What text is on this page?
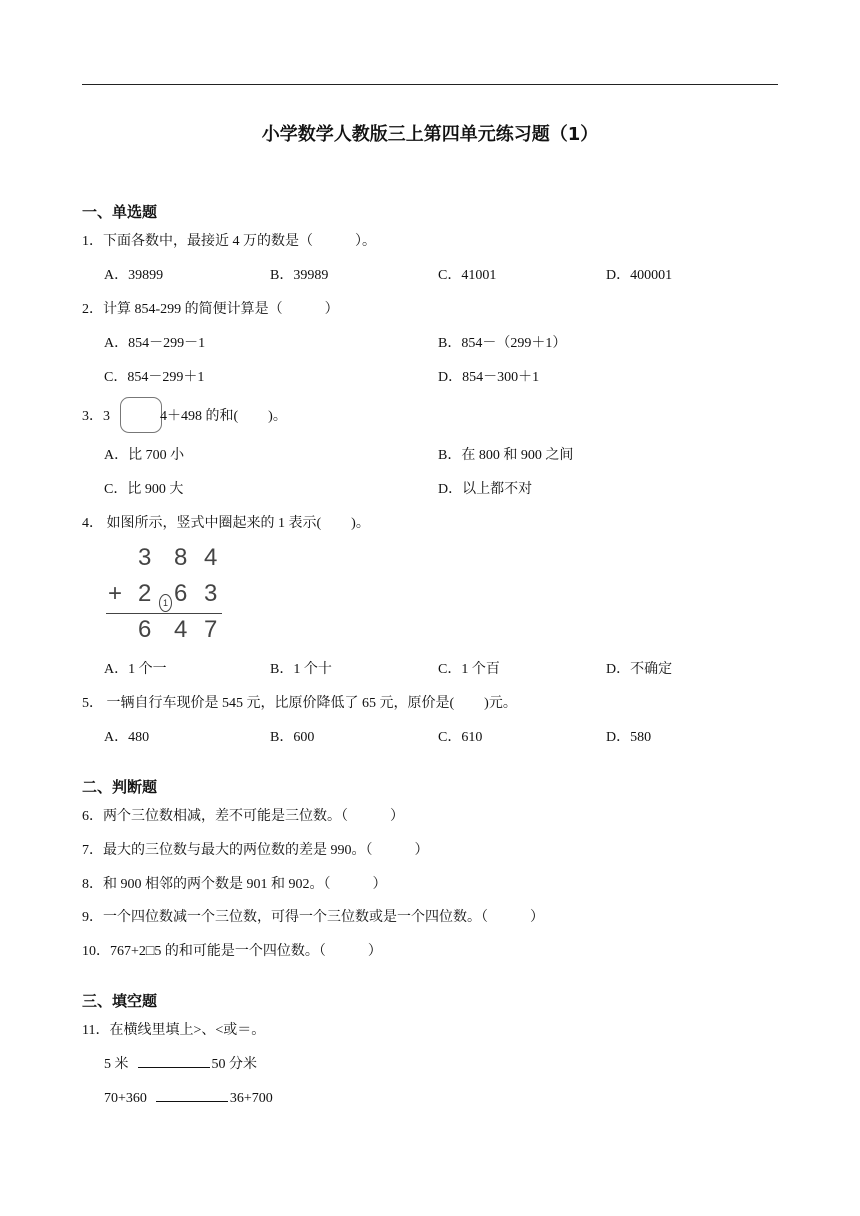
小学数学人教版三上第四单元练习题（1）
一、单选题
1．下面各数中，最接近 4 万的数是（	）。
A．39899	B．39989	C．41001	D．400001
2．计算 854-299 的简便计算是（	）
A．854－299－1	B．854－（299＋1）
C．854－299＋1	D．854－300＋1
3．3	4＋498 的和( )。
A．比 700 小	B．在 800 和 900 之间
C．比 900 大	D．以上都不对
4． 如图所示，竖式中圈起来的 1 表示( )。
3 8 4
+ 2	1 6 3
6 4 7
A．1 个一	B．1 个十	C．1 个百	D．不确定
5． 一辆自行车现价是 545 元，比原价降低了 65 元，原价是( )元。
A．480	B．600	C．610	D．580
二、判断题
6．两个三位数相减，差不可能是三位数。（	）
7．最大的三位数与最大的两位数的差是 990。（	）
8．和 900 相邻的两个数是 901 和 902。（	）
9．一个四位数减一个三位数，可得一个三位数或是一个四位数。（	）
10．767+2□5 的和可能是一个四位数。（	）
三、填空题
11．在横线里填上>、<或＝。
5 米	50 分米
70+360	36+700
